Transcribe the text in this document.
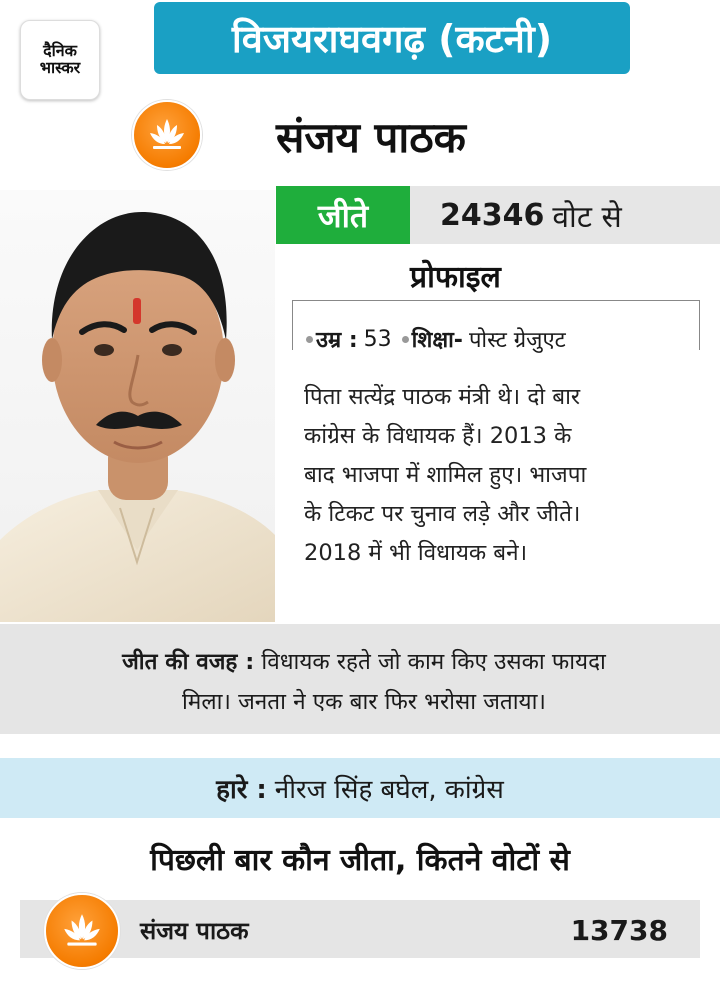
दैनिक
भास्कर
विजयराघवगढ़ (कटनी)
संजय पाठक
जीते	24346 वोट से
प्रोफाइल
उम्र : 53 शिक्षा- पोस्ट ग्रेजुएट
पिता सत्येंद्र पाठक मंत्री थे। दो बार
कांग्रेस के विधायक हैं। 2013 के
बाद भाजपा में शामिल हुए। भाजपा
के टिकट पर चुनाव लड़े और जीते।
2018 में भी विधायक बने।
जीत की वजह : विधायक रहते जो काम किए उसका फायदा
मिला। जनता ने एक बार फिर भरोसा जताया।
हारे : नीरज सिंह बघेल, कांग्रेस
पिछली बार कौन जीता, कितने वोटों से
संजय पाठक	13738
